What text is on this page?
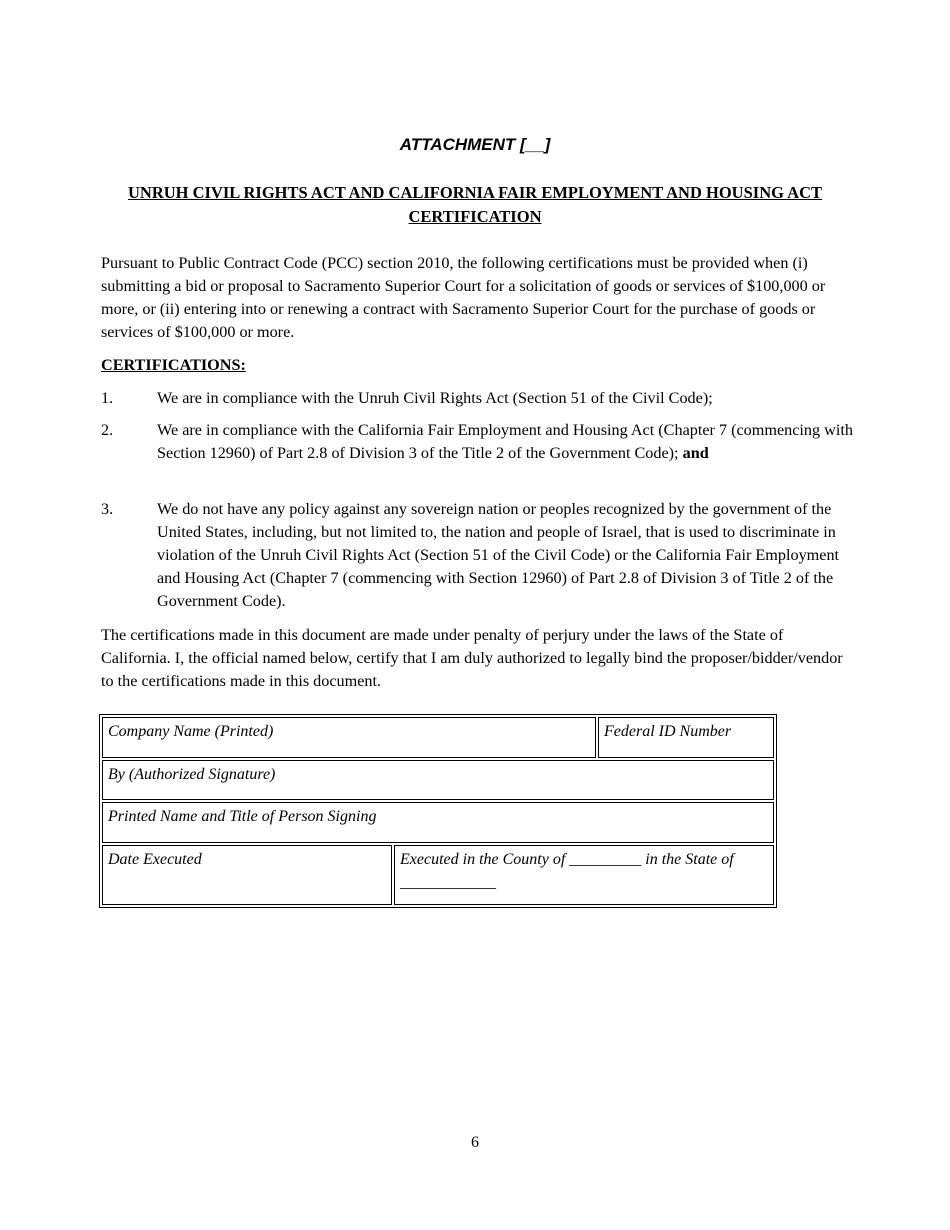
ATTACHMENT [__]
UNRUH CIVIL RIGHTS ACT AND CALIFORNIA FAIR EMPLOYMENT AND HOUSING ACT CERTIFICATION

Pursuant to Public Contract Code (PCC) section 2010, the following certifications must be provided when (i) submitting a bid or proposal to Sacramento Superior Court for a solicitation of goods or services of $100,000 or more, or (ii) entering into or renewing a contract with Sacramento Superior Court for the purchase of goods or services of $100,000 or more.

CERTIFICATIONS:
1.	We are in compliance with the Unruh Civil Rights Act (Section 51 of the Civil Code);
2.	We are in compliance with the California Fair Employment and Housing Act (Chapter 7 (commencing with Section 12960) of Part 2.8 of Division 3 of the Title 2 of the Government Code); and
3.	We do not have any policy against any sovereign nation or peoples recognized by the government of the United States, including, but not limited to, the nation and people of Israel, that is used to discriminate in violation of the Unruh Civil Rights Act (Section 51 of the Civil Code) or the California Fair Employment and Housing Act (Chapter 7 (commencing with Section 12960) of Part 2.8 of Division 3 of Title 2 of the Government Code).
The certifications made in this document are made under penalty of perjury under the laws of the State of California. I, the official named below, certify that I am duly authorized to legally bind the proposer/bidder/vendor to the certifications made in this document.
Company Name (Printed)	Federal ID Number
By (Authorized Signature)
Printed Name and Title of Person Signing
Date Executed	Executed in the County of _________ in the State of ____________
6
